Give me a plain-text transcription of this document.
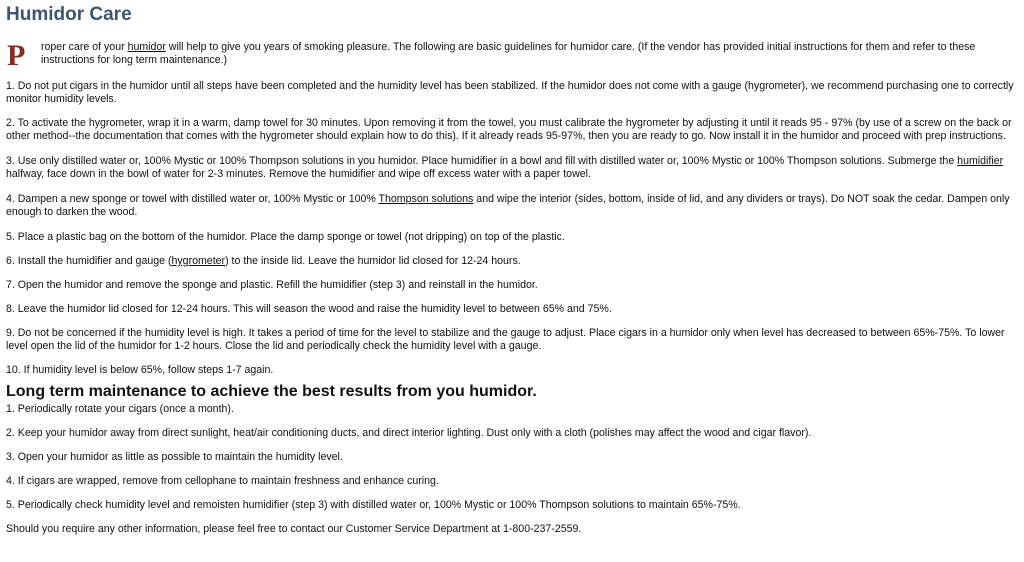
Humidor Care

P	roper care of your humidor will help to give you years of smoking pleasure. The following are basic guidelines for humidor care. (If the vendor has provided initial instructions for them and refer to these instructions for long term maintenance.)

1. Do not put cigars in the humidor until all steps have been completed and the humidity level has been stabilized. If the humidor does not come with a gauge (hygrometer), we recommend purchasing one to correctly monitor humidity levels.

2. To activate the hygrometer, wrap it in a warm, damp towel for 30 minutes. Upon removing it from the towel, you must calibrate the hygrometer by adjusting it until it reads 95 - 97% (by use of a screw on the back or other method--the documentation that comes with the hygrometer should explain how to do this). If it already reads 95-97%, then you are ready to go. Now install it in the humidor and proceed with prep instructions.

3. Use only distilled water or, 100% Mystic or 100% Thompson solutions in you humidor. Place humidifier in a bowl and fill with distilled water or, 100% Mystic or 100% Thompson solutions. Submerge the humidifier halfway, face down in the bowl of water for 2-3 minutes. Remove the humidifier and wipe off excess water with a paper towel.

4. Dampen a new sponge or towel with distilled water or, 100% Mystic or 100% Thompson solutions and wipe the interior (sides, bottom, inside of lid, and any dividers or trays). Do NOT soak the cedar. Dampen only enough to darken the wood.

5. Place a plastic bag on the bottom of the humidor. Place the damp sponge or towel (not dripping) on top of the plastic.

6. Install the humidifier and gauge (hygrometer) to the inside lid. Leave the humidor lid closed for 12-24 hours.

7. Open the humidor and remove the sponge and plastic. Refill the humidifier (step 3) and reinstall in the humidor.

8. Leave the humidor lid closed for 12-24 hours. This will season the wood and raise the humidity level to between 65% and 75%.

9. Do not be concerned if the humidity level is high. It takes a period of time for the level to stabilize and the gauge to adjust. Place cigars in a humidor only when level has decreased to between 65%-75%. To lower level open the lid of the humidor for 1-2 hours. Close the lid and periodically check the humidity level with a gauge.

10. If humidity level is below 65%, follow steps 1-7 again.

Long term maintenance to achieve the best results from you humidor.

1. Periodically rotate your cigars (once a month).

2. Keep your humidor away from direct sunlight, heat/air conditioning ducts, and direct interior lighting. Dust only with a cloth (polishes may affect the wood and cigar flavor).

3. Open your humidor as little as possible to maintain the humidity level.

4. If cigars are wrapped, remove from cellophane to maintain freshness and enhance curing.

5. Periodically check humidity level and remoisten humidifier (step 3) with distilled water or, 100% Mystic or 100% Thompson solutions to maintain 65%-75%.

Should you require any other information, please feel free to contact our Customer Service Department at 1-800-237-2559.
